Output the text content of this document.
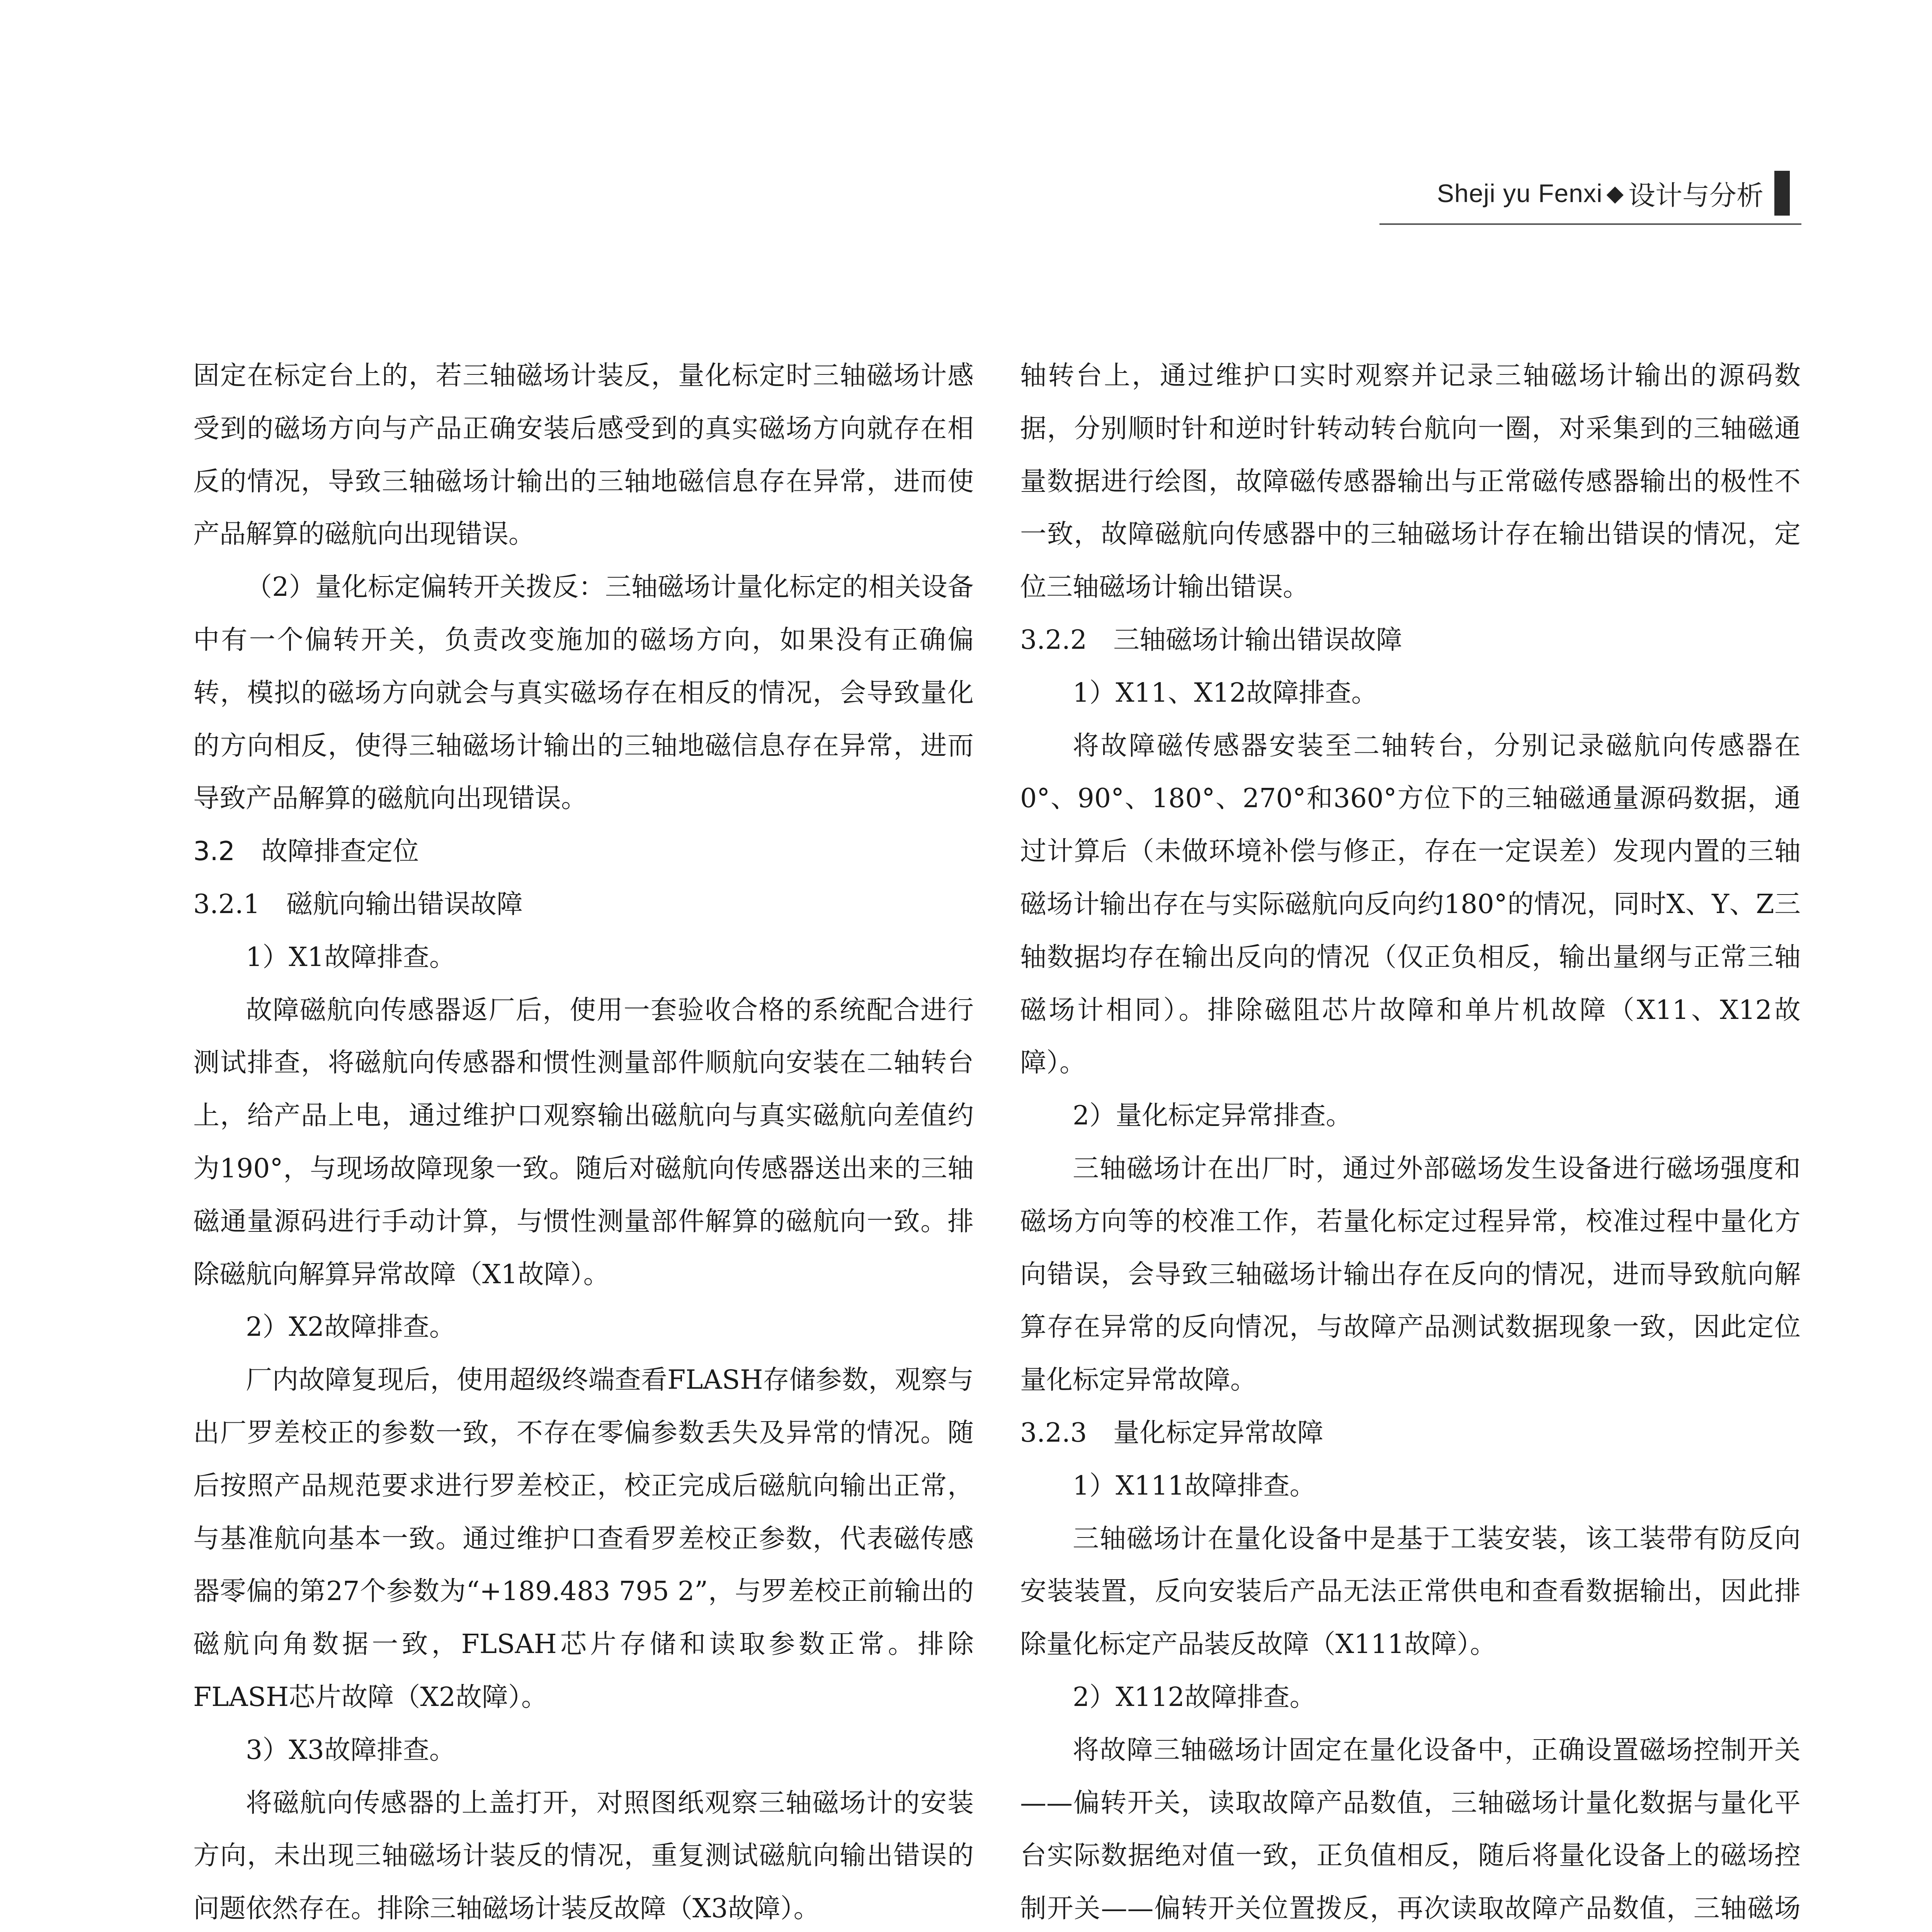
Sheji yu Fenxi ◆ 设计与分析

固定在标定台上的，若三轴磁场计装反，量化标定时三轴磁场计感受到的磁场方向与产品正确安装后感受到的真实磁场方向就存在相反的情况，导致三轴磁场计输出的三轴地磁信息存在异常，进而使产品解算的磁航向出现错误。

（2）量化标定偏转开关拨反：三轴磁场计量化标定的相关设备中有一个偏转开关，负责改变施加的磁场方向，如果没有正确偏转，模拟的磁场方向就会与真实磁场存在相反的情况，会导致量化的方向相反，使得三轴磁场计输出的三轴地磁信息存在异常，进而导致产品解算的磁航向出现错误。

3.2　故障排查定位

3.2.1　磁航向输出错误故障

1）X1故障排查。

故障磁航向传感器返厂后，使用一套验收合格的系统配合进行测试排查，将磁航向传感器和惯性测量部件顺航向安装在二轴转台上，给产品上电，通过维护口观察输出磁航向与真实磁航向差值约为190°，与现场故障现象一致。随后对磁航向传感器送出来的三轴磁通量源码进行手动计算，与惯性测量部件解算的磁航向一致。排除磁航向解算异常故障（X1故障）。

2）X2故障排查。

厂内故障复现后，使用超级终端查看FLASH存储参数，观察与出厂罗差校正的参数一致，不存在零偏参数丢失及异常的情况。随后按照产品规范要求进行罗差校正，校正完成后磁航向输出正常，与基准航向基本一致。通过维护口查看罗差校正参数，代表磁传感器零偏的第27个参数为“+189.483 795 2”，与罗差校正前输出的磁航向角数据一致，FLSAH芯片存储和读取参数正常。排除FLASH芯片故障（X2故障）。

3）X3故障排查。

将磁航向传感器的上盖打开，对照图纸观察三轴磁场计的安装方向，未出现三轴磁场计装反的情况，重复测试磁航向输出错误的问题依然存在。排除三轴磁场计装反故障（X3故障）。

轴转台上，通过维护口实时观察并记录三轴磁场计输出的源码数据，分别顺时针和逆时针转动转台航向一圈，对采集到的三轴磁通量数据进行绘图，故障磁传感器输出与正常磁传感器输出的极性不一致，故障磁航向传感器中的三轴磁场计存在输出错误的情况，定位三轴磁场计输出错误。

3.2.2　三轴磁场计输出错误故障

1）X11、X12故障排查。

将故障磁传感器安装至二轴转台，分别记录磁航向传感器在0°、90°、180°、270°和360°方位下的三轴磁通量源码数据，通过计算后（未做环境补偿与修正，存在一定误差）发现内置的三轴磁场计输出存在与实际磁航向反向约180°的情况，同时X、Y、Z三轴数据均存在输出反向的情况（仅正负相反，输出量纲与正常三轴磁场计相同）。排除磁阻芯片故障和单片机故障（X11、X12故障）。

2）量化标定异常排查。

三轴磁场计在出厂时，通过外部磁场发生设备进行磁场强度和磁场方向等的校准工作，若量化标定过程异常，校准过程中量化方向错误，会导致三轴磁场计输出存在反向的情况，进而导致航向解算存在异常的反向情况，与故障产品测试数据现象一致，因此定位量化标定异常故障。

3.2.3　量化标定异常故障

1）X111故障排查。

三轴磁场计在量化设备中是基于工装安装，该工装带有防反向安装装置，反向安装后产品无法正常供电和查看数据输出，因此排除量化标定产品装反故障（X111故障）。

2）X112故障排查。

将故障三轴磁场计固定在量化设备中，正确设置磁场控制开关——偏转开关，读取故障产品数值，三轴磁场计量化数据与量化平台实际数据绝对值一致，正负值相反，随后将量化设备上的磁场控制开关——偏转开关位置拨反，再次读取故障产品数值，三轴磁场
